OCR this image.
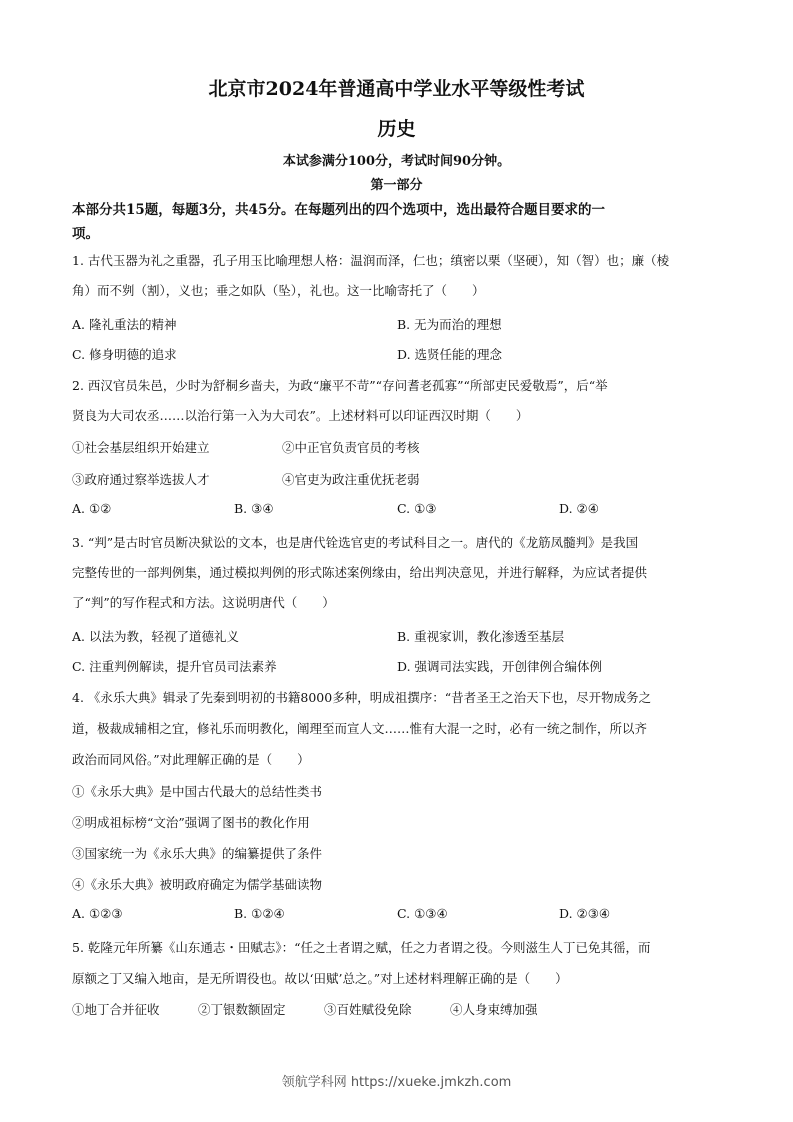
北京市2024年普通高中学业水平等级性考试
历史
本试参满分100分，考试时间90分钟。
第一部分
本部分共15题，每题3分，共45分。在每题列出的四个选项中，选出最符合题目要求的一
项。
1. 古代玉器为礼之重器，孔子用玉比喻理想人格：温润而泽，仁也；缜密以栗（坚硬），知（智）也；廉（棱
角）而不刿（割），义也；垂之如队（坠），礼也。这一比喻寄托了（　　）
A. 隆礼重法的精神	B. 无为而治的理想
C. 修身明德的追求	D. 选贤任能的理念
2. 西汉官员朱邑，少时为舒桐乡啬夫，为政“廉平不苛”“存问耆老孤寡”“所部吏民爱敬焉”，后“举
贤良为大司农丞……以治行第一入为大司农”。上述材料可以印证西汉时期（　　）
①社会基层组织开始建立	②中正官负责官员的考核
③政府通过察举选拔人才	④官吏为政注重优抚老弱
A. ①②	B. ③④	C. ①③	D. ②④
3. “判”是古时官员断决狱讼的文本，也是唐代铨选官吏的考试科目之一。唐代的《龙筋凤髓判》是我国
完整传世的一部判例集，通过模拟判例的形式陈述案例缘由，给出判决意见，并进行解释，为应试者提供
了“判”的写作程式和方法。这说明唐代（　　）
A. 以法为教，轻视了道德礼义	B. 重视家训，教化渗透至基层
C. 注重判例解读，提升官员司法素养	D. 强调司法实践，开创律例合编体例
4. 《永乐大典》辑录了先秦到明初的书籍8000多种，明成祖撰序：“昔者圣王之治天下也，尽开物成务之
道，极裁成辅相之宜，修礼乐而明教化，阐理至而宣人文……惟有大混一之时，必有一统之制作，所以齐
政治而同风俗。”对此理解正确的是（　　）
①《永乐大典》是中国古代最大的总结性类书
②明成祖标榜“文治”强调了图书的教化作用
③国家统一为《永乐大典》的编纂提供了条件
④《永乐大典》被明政府确定为儒学基础读物
A. ①②③	B. ①②④	C. ①③④	D. ②③④
5. 乾隆元年所纂《山东通志・田赋志》：“任之土者谓之赋，任之力者谓之役。今则滋生人丁已免其徭，而
原额之丁又编入地亩，是无所谓役也。故以‘田赋’总之。”对上述材料理解正确的是（　　）
①地丁合并征收	②丁银数额固定	③百姓赋役免除	④人身束缚加强
领航学科网 https://xueke.jmkzh.com
